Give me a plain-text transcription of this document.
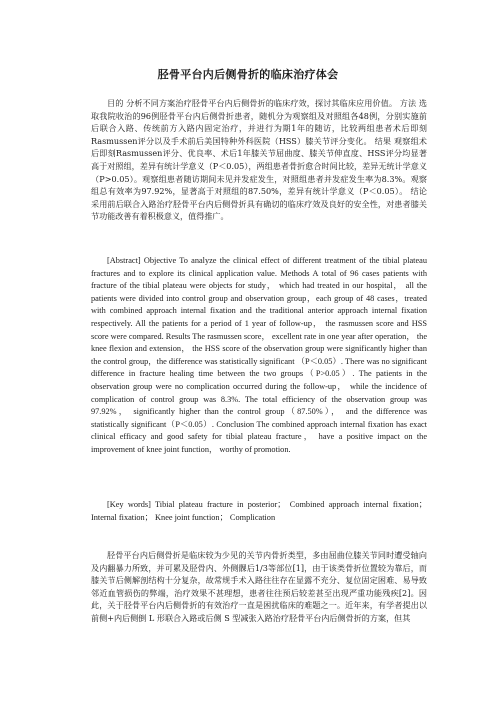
胫骨平台内后侧骨折的临床治疗体会
目的 分析不同方案治疗胫骨平台内后侧骨折的临床疗效，探讨其临床应用价值。 方法 选取我院收治的96例胫骨平台内后侧骨折患者，随机分为观察组及对照组各48例，分别实施前后联合入路、传统前方入路内固定治疗，并进行为期1年的随访，比较两组患者术后即刻Rasmussen评分以及手术前后美国特种外科医院（HSS）膝关节评分变化。 结果 观察组术后即刻Rasmussen评分、优良率、术后1年膝关节屈曲度、膝关节伸直度、HSS评分均显著高于对照组，差异有统计学意义（P＜0.05），两组患者骨折愈合时间比较，差异无统计学意义（P>0.05）。观察组患者随访期间未见并发症发生，对照组患者并发症发生率为8.3%。观察组总有效率为97.92%，显著高于对照组的87.50%，差异有统计学意义（P＜0.05）。 结论 采用前后联合入路治疗胫骨平台内后侧骨折具有确切的临床疗效及良好的安全性，对患者膝关节功能改善有着积极意义，值得推广。
[Abstract] Objective To analyze the clinical effect of different treatment of the tibial plateau fractures and to explore its clinical application value. Methods A total of 96 cases patients with fracture of the tibial plateau were objects for study， which had treated in our hospital， all the patients were divided into control group and observation group，each group of 48 cases，treated with combined approach internal fixation and the traditional anterior approach internal fixation respectively. All the patients for a period of 1 year of follow-up， the rasmussen score and HSS score were compared. Results The rasmussen score， excellent rate in one year after operation， the knee flexion and extension， the HSS score of the observation group were significantly higher than the control group，the difference was statistically significant （P＜0.05）. There was no significant difference in fracture healing time between the two groups（P>0.05）. The patients in the observation group were no complication occurred during the follow-up， while the incidence of complication of control group was 8.3%. The total efficiency of the observation group was 97.92%， significantly higher than the control group（87.50%）， and the difference was statistically significant（P＜0.05）. Conclusion The combined approach internal fixation has exact clinical efficacy and good safety for tibial plateau fracture， have a positive impact on the improvement of knee joint function， worthy of promotion.
[Key words] Tibial plateau fracture in posterior； Combined approach internal fixation； Internal fixation； Knee joint function； Complication
胫骨平台内后侧骨折是临床较为少见的关节内骨折类型，多由屈曲位膝关节同时遭受轴向及内翻暴力所致，并可累及胫骨内、外侧髁后1/3等部位[1]，由于该类骨折位置较为靠后，而膝关节后侧解剖结构十分复杂，故常规手术入路往往存在显露不充分、复位固定困难、易导致邻近血管损伤的弊端，治疗效果不甚理想，患者往往预后较差甚至出现严重功能残疾[2]。因此，关于胫骨平台内后侧骨折的有效治疗一直是困扰临床的难题之一。近年来，有学者提出以前侧+内后侧倒 L 形联合入路或后侧 S 型减张入路治疗胫骨平台内后侧骨折的方案，但其
